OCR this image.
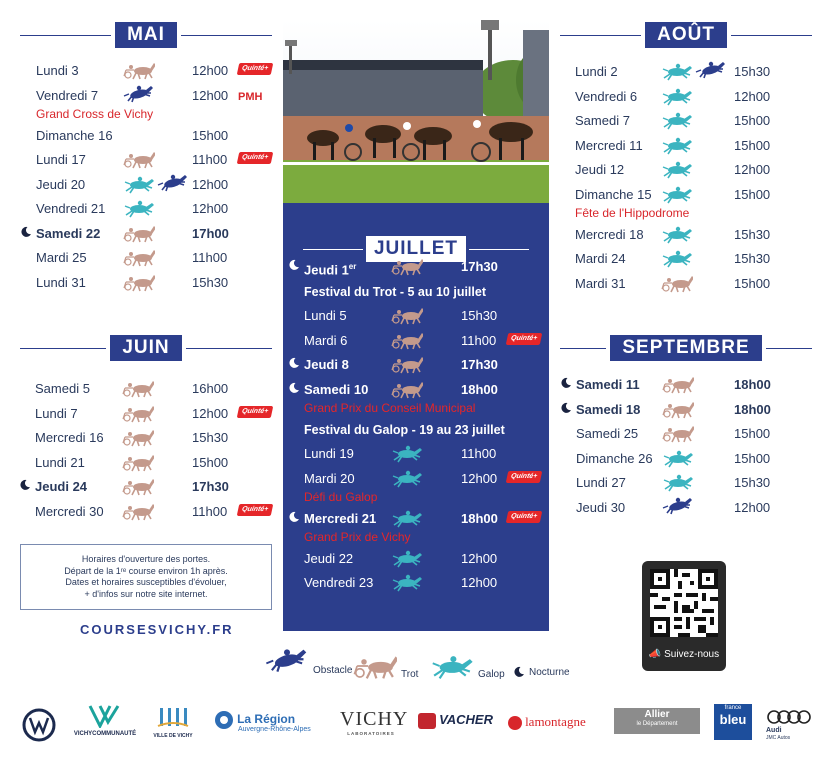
MAI	AOÛT
JUIN	SEPTEMBRE
Lundi 3	12h00	Quinté+
Vendredi 7	12h00 PMH
Grand Cross de Vichy
Dimanche 16	15h00
Lundi 17	11h00	Quinté+
Jeudi 20	12h00
Vendredi 21	12h00
Samedi 22	17h00
Mardi 25	11h00
Lundi 31	15h30
Samedi 5	16h00
Lundi 7	12h00	Quinté+
Mercredi 16	15h30
Lundi 21	15h00
Jeudi 24	17h30
Mercredi 30	11h00	Quinté+
Lundi 2	15h30
Vendredi 6	12h00
Samedi 7	15h00
Mercredi 11	15h00
Jeudi 12	12h00
Dimanche 15	15h00
Fête de l'Hippodrome
Mercredi 18	15h30
Mardi 24	15h30
Mardi 31	15h00
Samedi 11	18h00
Samedi 18	18h00
Samedi 25	15h00
Dimanche 26	15h00
Lundi 27	15h30
Jeudi 30	12h00
JUILLET
Jeudi 1er	17h30
Festival du Trot - 5 au 10 juillet
Lundi 5	15h30
Mardi 6	11h00	Quinté+
Jeudi 8	17h30
Samedi 10	18h00
Grand Prix du Conseil Municipal
Festival du Galop - 19 au 23 juillet
Lundi 19	11h00
Mardi 20	12h00	Quinté+
Défi du Galop
Mercredi 21	18h00	Quinté+
Grand Prix de Vichy
Jeudi 22	12h00
Vendredi 23	12h00
Horaires d'ouverture des portes.
Départ de la 1ʳᵉ course environ 1h après.
Dates et horaires susceptibles d'évoluer,
+ d'infos sur notre site internet.
COURSESVICHY.FR
📣 Suivez-nous
Obstacle	Trot	Galop Nocturne
VICHYCOMMUNAUTÉ	VILLE DE VICHY
La Région
Auvergne-Rhône-Alpes VICHY
LABORATOIRES
VACHER	lamontagne	Allier
le Département
france
bleu
Audi
JMC Autos
